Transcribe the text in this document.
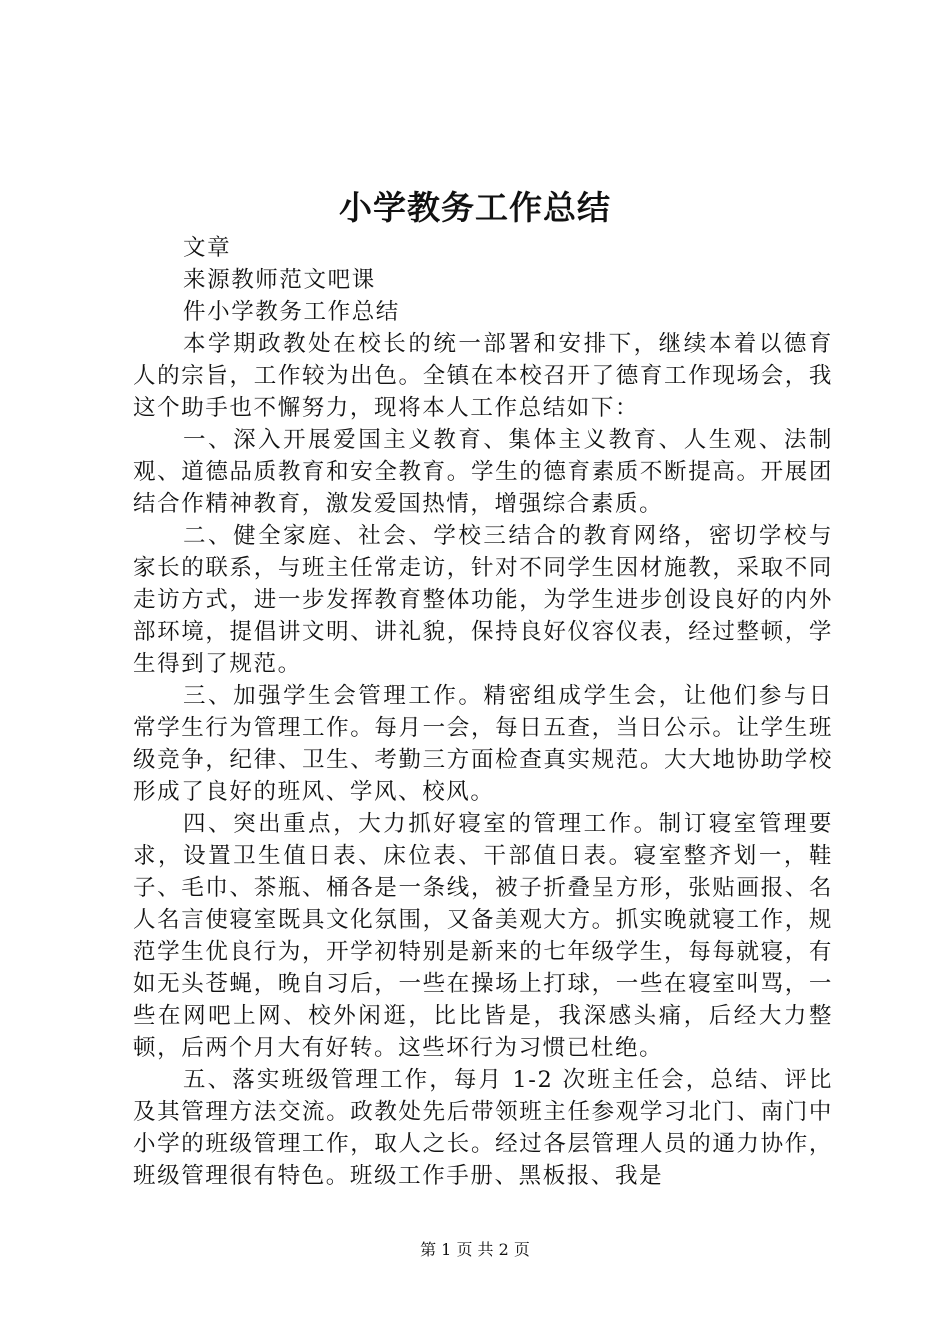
小学教务工作总结

文章

来源教师范文吧课

件小学教务工作总结

本学期政教处在校长的统一部署和安排下，继续本着以德育人的宗旨，工作较为出色。全镇在本校召开了德育工作现场会，我这个助手也不懈努力，现将本人工作总结如下：

一、深入开展爱国主义教育、集体主义教育、人生观、法制观、道德品质教育和安全教育。学生的德育素质不断提高。开展团结合作精神教育，激发爱国热情，增强综合素质。

二、健全家庭、社会、学校三结合的教育网络，密切学校与家长的联系，与班主任常走访，针对不同学生因材施教，采取不同走访方式，进一步发挥教育整体功能，为学生进步创设良好的内外部环境，提倡讲文明、讲礼貌，保持良好仪容仪表，经过整顿，学生得到了规范。

三、加强学生会管理工作。精密组成学生会，让他们参与日常学生行为管理工作。每月一会，每日五查，当日公示。让学生班级竞争，纪律、卫生、考勤三方面检查真实规范。大大地协助学校形成了良好的班风、学风、校风。

四、突出重点，大力抓好寝室的管理工作。制订寝室管理要求，设置卫生值日表、床位表、干部值日表。寝室整齐划一，鞋子、毛巾、茶瓶、桶各是一条线，被子折叠呈方形，张贴画报、名人名言使寝室既具文化氛围，又备美观大方。抓实晚就寝工作，规范学生优良行为，开学初特别是新来的七年级学生，每每就寝，有如无头苍蝇，晚自习后，一些在操场上打球，一些在寝室叫骂，一些在网吧上网、校外闲逛，比比皆是，我深感头痛，后经大力整顿，后两个月大有好转。这些坏行为习惯已杜绝。

五、落实班级管理工作，每月 1-2 次班主任会，总结、评比及其管理方法交流。政教处先后带领班主任参观学习北门、南门中小学的班级管理工作，取人之长。经过各层管理人员的通力协作，班级管理很有特色。班级工作手册、黑板报、我是

第 1 页 共 2 页
